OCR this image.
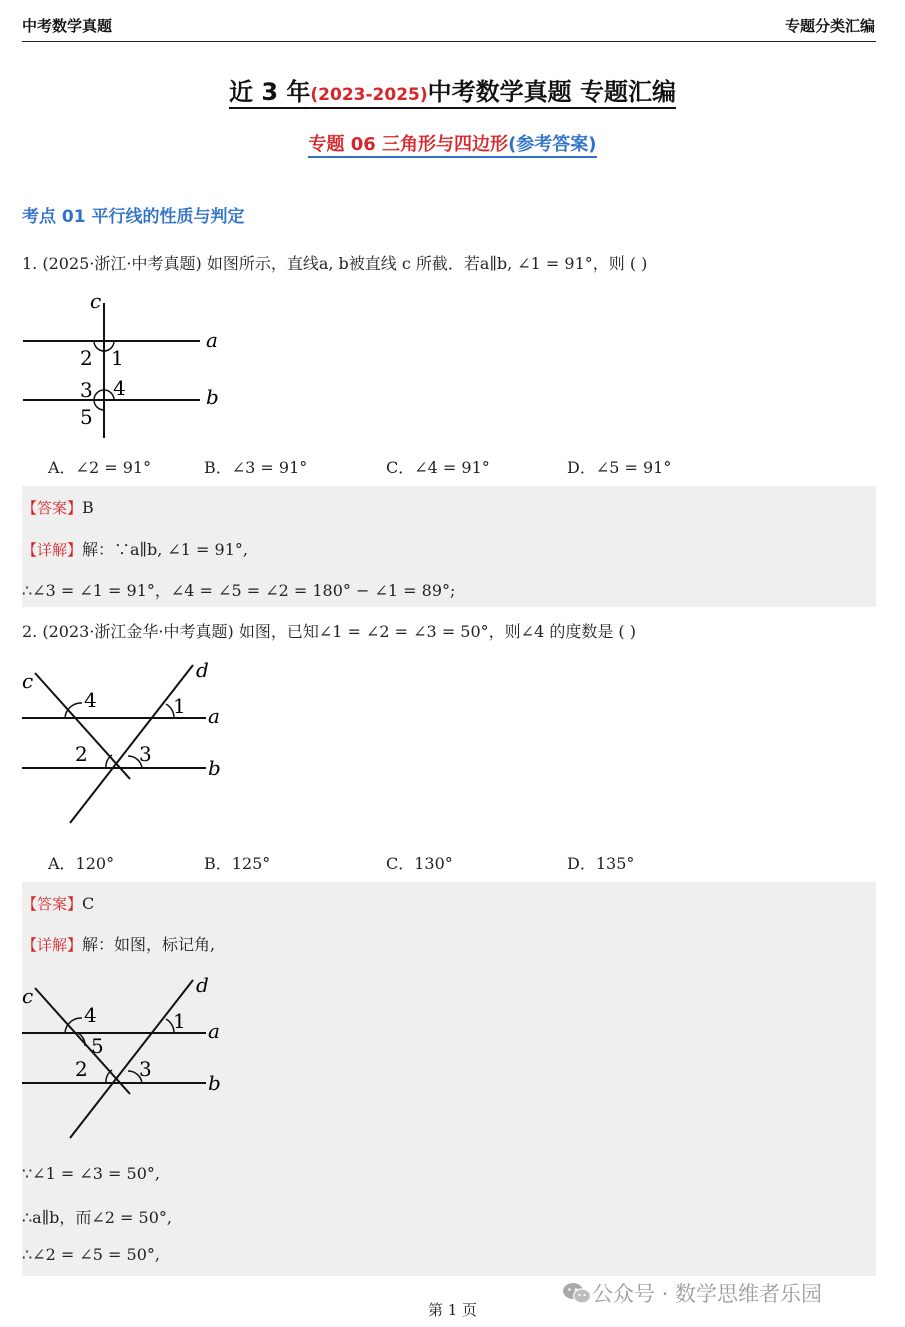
中考数学真题	专题分类汇编
近 3 年(2023-2025)中考数学真题 专题汇编
专题 06 三角形与四边形(参考答案)
考点 01 平行线的性质与判定
1. (2025·浙江·中考真题) 如图所示，直线a, b被直线 c 所截．若a∥b, ∠1 = 91°，则 ( )
c
a
b
2 1
3 4
5
A．∠2 = 91°	B．∠3 = 91°	C．∠4 = 91°	D．∠5 = 91°
【答案】B
【详解】解：∵a∥b, ∠1 = 91°,
∴∠3 = ∠1 = 91°，∠4 = ∠5 = ∠2 = 180° − ∠1 = 89°;
2. (2023·浙江金华·中考真题) 如图，已知∠1 = ∠2 = ∠3 = 50°，则∠4 的度数是 ( )
c	d
a
b
4	1
2	3
A．120°	B．125°	C．130°	D．135°
【答案】C
【详解】解：如图，标记角,
c	d
a
b
4
5
1
2	3
∵∠1 = ∠3 = 50°,
∴a∥b，而∠2 = 50°,
∴∠2 = ∠5 = 50°,
公众号 · 数学思维者乐园
第 1 页
